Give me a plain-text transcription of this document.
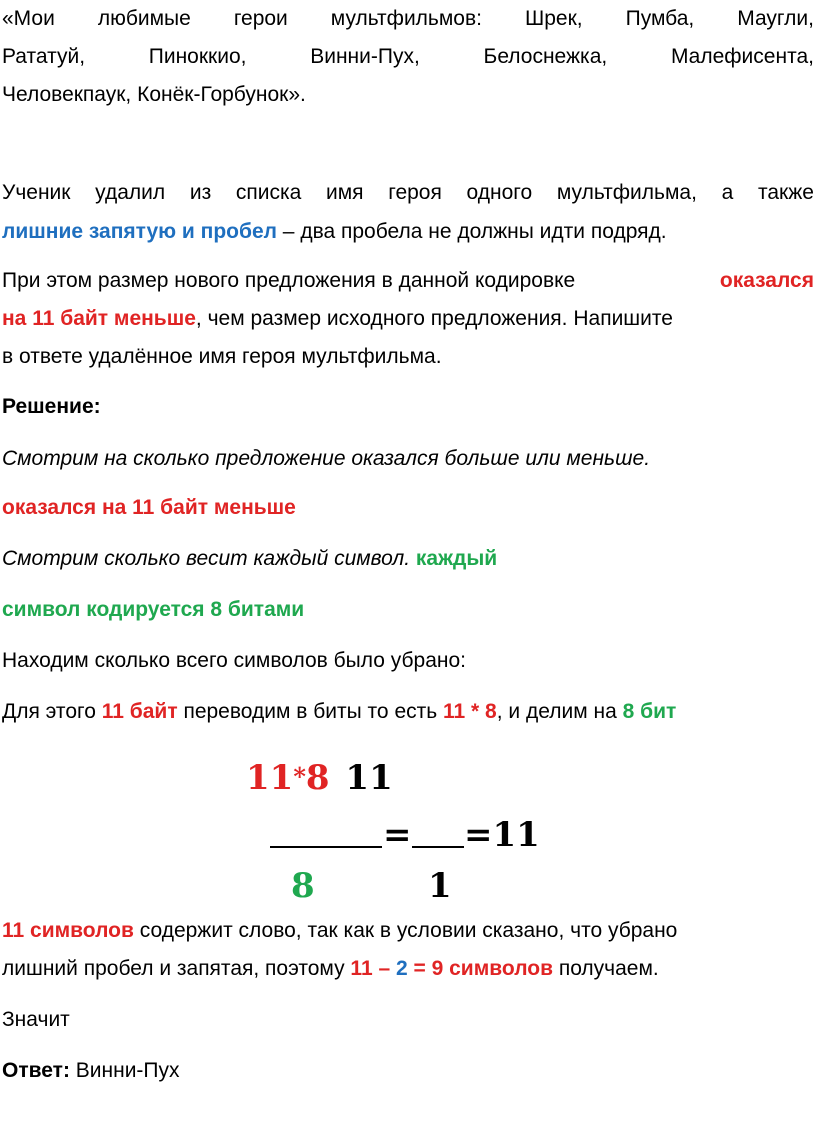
«Мои любимые герои мультфильмов: Шрек, Пумба, Маугли,
Рататуй,	Пиноккио,	Винни-Пух,	Белоснежка,	Малефисента,
Человекпаук, Конёк-Горбунок».
Ученик удалил из списка имя героя одного мультфильма, а также
лишние запятую и пробел – два пробела не должны идти подряд.
При этом размер нового предложения в данной кодировке	оказался
на 11 байт меньше, чем размер исходного предложения. Напишите
в ответе удалённое имя героя мультфильма.
Решение:
Смотрим на сколько предложение оказался больше или меньше.
оказался на 11 байт меньше
Смотрим сколько весит каждый символ. каждый
символ кодируется 8 битами
Находим сколько всего символов было убрано:
Для этого 11 байт переводим в биты то есть 11 * 8, и делим на 8 бит
11*8 11
= =11
8	1
11 символов содержит слово, так как в условии сказано, что убрано
лишний пробел и запятая, поэтому 11 – 2 = 9 символов получаем.
Значит
Ответ: Винни-Пух
